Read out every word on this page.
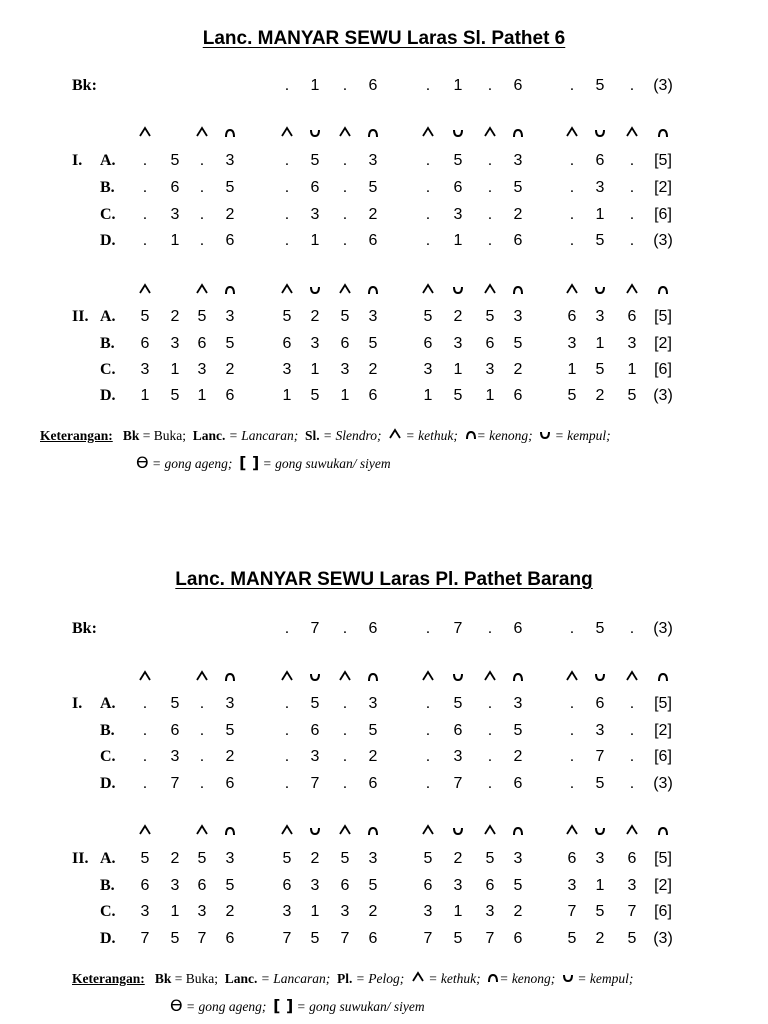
Lanc. MANYAR SEWU Laras Sl. Pathet 6
Bk:	.	1	.	6	.	1	.	6	.	5	.	(3)
I. A.	.	5	.	3	.	5	.	3	.	5	.	3	.	6	.	[5]
B.	.	6	.	5	.	6	.	5	.	6	.	5	.	3	.	[2]
C.	.	3	.	2	.	3	.	2	.	3	.	2	.	1	.	[6]
D.	.	1	.	6	.	1	.	6	.	1	.	6	.	5	.	(3)
II. A.	5	2	5	3	5	2	5	3	5	2	5	3	6	3	6	[5]
B.	6	3	6	5	6	3	6	5	6	3	6	5	3	1	3	[2]
C.	3	1	3	2	3	1	3	2	3	1	3	2	1	5	1	[6]
D.	1	5	1	6	1	5	1	6	1	5	1	6	5	2	5	(3)
Keterangan: Bk = Buka; Lanc. = Lancaran; Sl. = Slendro; = kethuk; = kenong; = kempul;
ϴ = gong ageng; [ ] = gong suwukan/ siyem
Lanc. MANYAR SEWU Laras Pl. Pathet Barang
Bk:	.	7	.	6	.	7	.	6	.	5	.	(3)
I. A.	.	5	.	3	.	5	.	3	.	5	.	3	.	6	.	[5]
B.	.	6	.	5	.	6	.	5	.	6	.	5	.	3	.	[2]
C.	.	3	.	2	.	3	.	2	.	3	.	2	.	7	.	[6]
D.	.	7	.	6	.	7	.	6	.	7	.	6	.	5	.	(3)
II. A.	5	2	5	3	5	2	5	3	5	2	5	3	6	3	6	[5]
B.	6	3	6	5	6	3	6	5	6	3	6	5	3	1	3	[2]
C.	3	1	3	2	3	1	3	2	3	1	3	2	7	5	7	[6]
D.	7	5	7	6	7	5	7	6	7	5	7	6	5	2	5	(3)
Keterangan: Bk = Buka; Lanc. = Lancaran; Pl. = Pelog; = kethuk; = kenong; = kempul;
ϴ = gong ageng; [ ] = gong suwukan/ siyem
